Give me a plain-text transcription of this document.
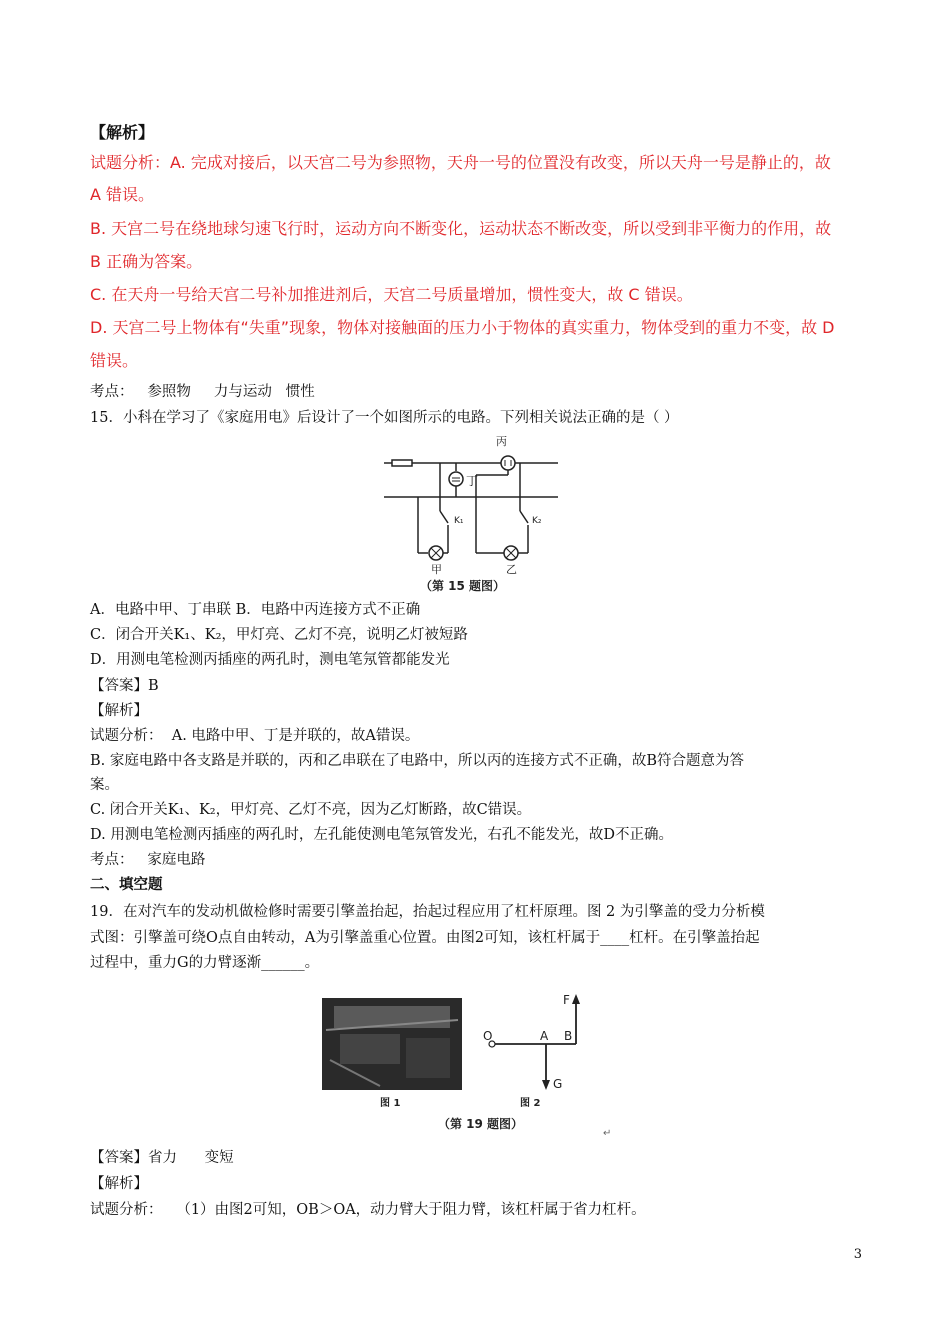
【解析】
试题分析：A. 完成对接后，以天宫二号为参照物，天舟一号的位置没有改变，所以天舟一号是静止的，故
A 错误。
B. 天宫二号在绕地球匀速飞行时，运动方向不断变化，运动状态不断改变，所以受到非平衡力的作用，故
B 正确为答案。
C. 在天舟一号给天宫二号补加推进剂后，天宫二号质量增加，惯性变大，故 C 错误。
D. 天宫二号上物体有“失重”现象，物体对接触面的压力小于物体的真实重力，物体受到的重力不变，故 D
错误。
考点：   参照物     力与运动   惯性
15．小科在学习了《家庭用电》后设计了一个如图所示的电路。下列相关说法正确的是（ ）
丙
丁
K₁
甲
K₂
乙
（第 15 题图）
A．电路中甲、丁串联 B．电路中丙连接方式不正确
C．闭合开关K₁、K₂，甲灯亮、乙灯不亮，说明乙灯被短路
D．用测电笔检测丙插座的两孔时，测电笔氖管都能发光
【答案】B
【解析】
试题分析：  A. 电路中甲、丁是并联的，故A错误。
B. 家庭电路中各支路是并联的，丙和乙串联在了电路中，所以丙的连接方式不正确，故B符合题意为答
案。
C. 闭合开关K₁、K₂，甲灯亮、乙灯不亮，因为乙灯断路，故C错误。
D. 用测电笔检测丙插座的两孔时，左孔能使测电笔氖管发光，右孔不能发光，故D不正确。
考点：   家庭电路
二、填空题
19．在对汽车的发动机做检修时需要引擎盖抬起，抬起过程应用了杠杆原理。图 2 为引擎盖的受力分析模
式图：引擎盖可绕O点自由转动，A为引擎盖重心位置。由图2可知，该杠杆属于____杠杆。在引擎盖抬起
过程中，重力G的力臂逐渐______。
O	A B
F
G
图 1	图 2
（第 19 题图）
↵
【答案】省力      变短
【解析】
试题分析：   （1）由图2可知，OB＞OA，动力臂大于阻力臂，该杠杆属于省力杠杆。
3
